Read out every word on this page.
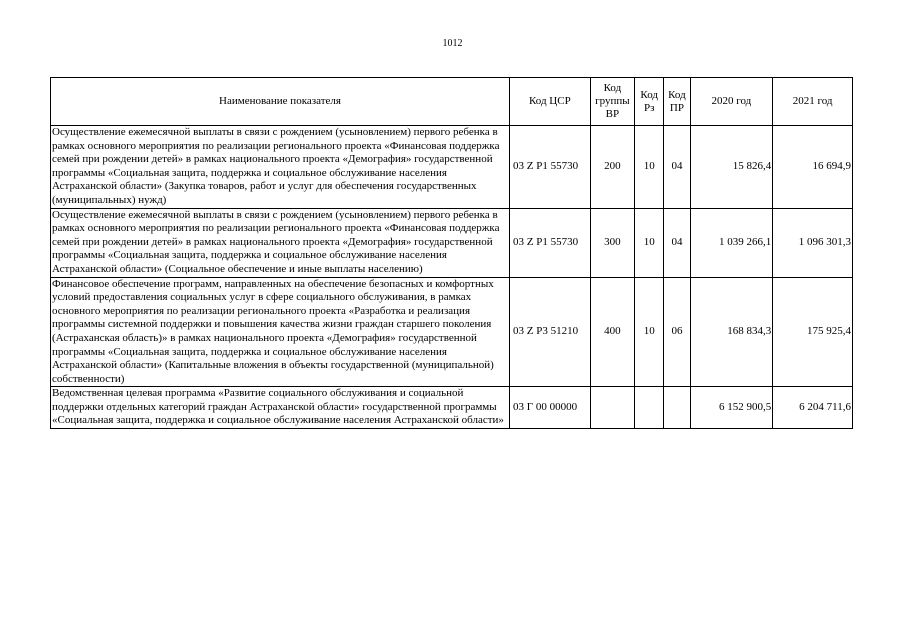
1012
Наименование показателя	Код ЦСР	Код группы ВР	Код Рз	Код ПР	2020 год	2021 год
Осуществление ежемесячной выплаты в связи с рождением (усыновлением) первого ребенка в рамках основного мероприятия по реализации регионального проекта «Финансовая поддержка семей при рождении детей» в рамках национального проекта «Демография» государственной программы «Социальная защита, поддержка и социальное обслуживание населения Астраханской области» (Закупка товаров, работ и услуг для обеспечения государственных (муниципальных) нужд)	03 Z P1 55730	200	10	04	15 826,4	16 694,9
Осуществление ежемесячной выплаты в связи с рождением (усыновлением) первого ребенка в рамках основного мероприятия по реализации регионального проекта «Финансовая поддержка семей при рождении детей» в рамках национального проекта «Демография» государственной программы «Социальная защита, поддержка и социальное обслуживание населения Астраханской области» (Социальное обеспечение и иные выплаты населению)	03 Z P1 55730	300	10	04	1 039 266,1	1 096 301,3
Финансовое обеспечение программ, направленных на обеспечение безопасных и комфортных условий предоставления социальных услуг в сфере социального обслуживания, в рамках основного мероприятия по реализации регионального проекта «Разработка и реализация программы системной поддержки и повышения качества жизни граждан старшего поколения (Астраханская область)» в рамках национального проекта «Демография» государственной программы «Социальная защита, поддержка и социальное обслуживание населения Астраханской области» (Капитальные вложения в объекты государственной (муниципальной) собственности)	03 Z P3 51210	400	10	06	168 834,3	175 925,4
Ведомственная целевая программа «Развитие социального обслуживания и социальной поддержки отдельных категорий граждан Астраханской области» государственной программы «Социальная защита, поддержка и социальное обслуживание населения Астраханской области»	03 Г 00 00000				6 152 900,5	6 204 711,6
